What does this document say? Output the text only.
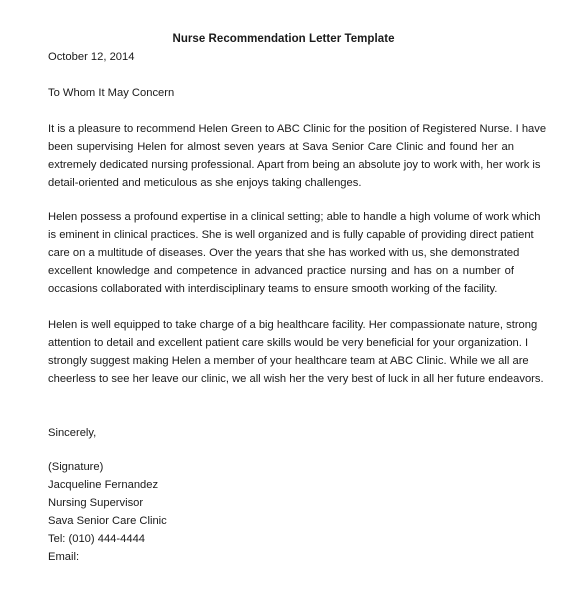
Nurse Recommendation Letter Template
October 12, 2014
To Whom It May Concern
It is a pleasure to recommend Helen Green to ABC Clinic for the position of Registered Nurse. I have
been supervising Helen for almost seven years at Sava Senior Care Clinic and found her an
extremely dedicated nursing professional. Apart from being an absolute joy to work with, her work is
detail-oriented and meticulous as she enjoys taking challenges.
Helen possess a profound expertise in a clinical setting; able to handle a high volume of work which
is eminent in clinical practices. She is well organized and is fully capable of providing direct patient
care on a multitude of diseases. Over the years that she has worked with us, she demonstrated
excellent knowledge and competence in advanced practice nursing and has on a number of
occasions collaborated with interdisciplinary teams to ensure smooth working of the facility.
Helen is well equipped to take charge of a big healthcare facility. Her compassionate nature, strong
attention to detail and excellent patient care skills would be very beneficial for your organization. I
strongly suggest making Helen a member of your healthcare team at ABC Clinic. While we all are
cheerless to see her leave our clinic, we all wish her the very best of luck in all her future endeavors.
Sincerely,
(Signature)
Jacqueline Fernandez
Nursing Supervisor
Sava Senior Care Clinic
Tel: (010) 444-4444
Email:
